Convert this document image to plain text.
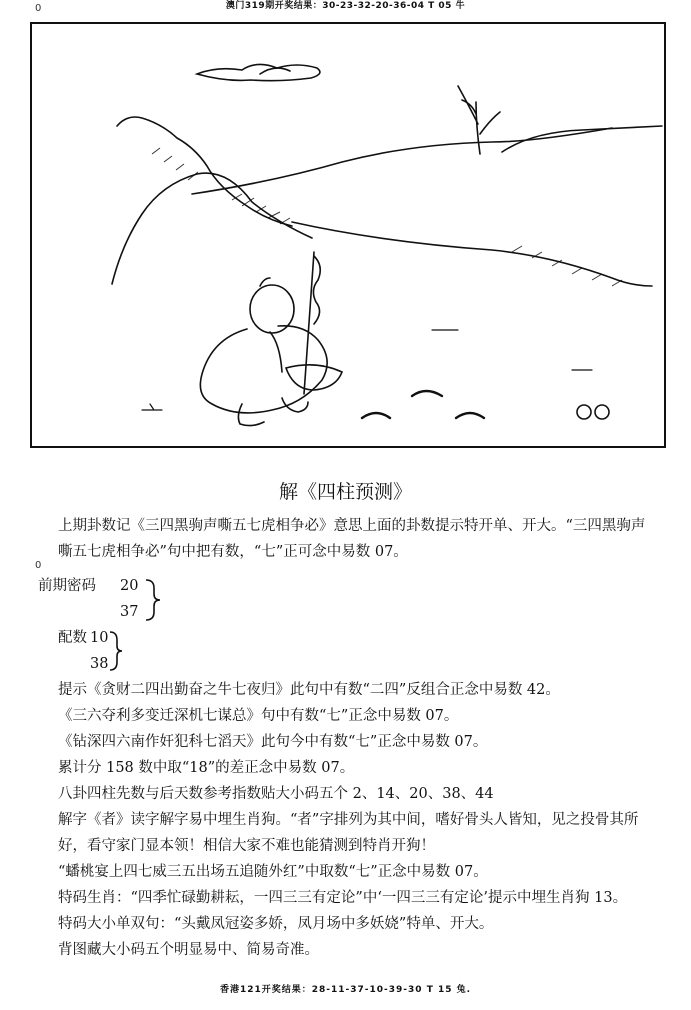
0	澳门319期开奖结果：30-23-32-20-36-04 T 05 牛
解《四柱预测》
上期卦数记《三四黑驹声嘶五七虎相争必》意思上面的卦数提示特开单、开大。“三四黑驹声
嘶五七虎相争必”句中把有数，“七”正可念中易数 07。
0
前期密码 20
37
配数 10
38
提示《贪财二四出勤奋之牛七夜归》此句中有数“二四”反组合正念中易数 42。
《三六夺利多变迁深机七谋总》句中有数“七”正念中易数 07。
《钻深四六南作奸犯科七滔天》此句今中有数“七”正念中易数 07。
累计分 158 数中取“18”的差正念中易数 07。
八卦四柱先数与后天数参考指数贴大小码五个 2、14、20、38、44
解字《者》读字解字易中埋生肖狗。“者”字排列为其中间，嗜好骨头人皆知，见之投骨其所
好，看守家门显本领！相信大家不难也能猜测到特肖开狗！
“蟠桃宴上四七威三五出场五追随外红”中取数“七”正念中易数 07。
特码生肖：“四季忙碌勤耕耘，一四三三有定论”中‘一四三三有定论’提示中埋生肖狗 13。
特码大小单双句：“头戴凤冠姿多娇，凤月场中多妖娆”特单、开大。
背图藏大小码五个明显易中、简易奇准。
香港121开奖结果：28-11-37-10-39-30 T 15 兔.
